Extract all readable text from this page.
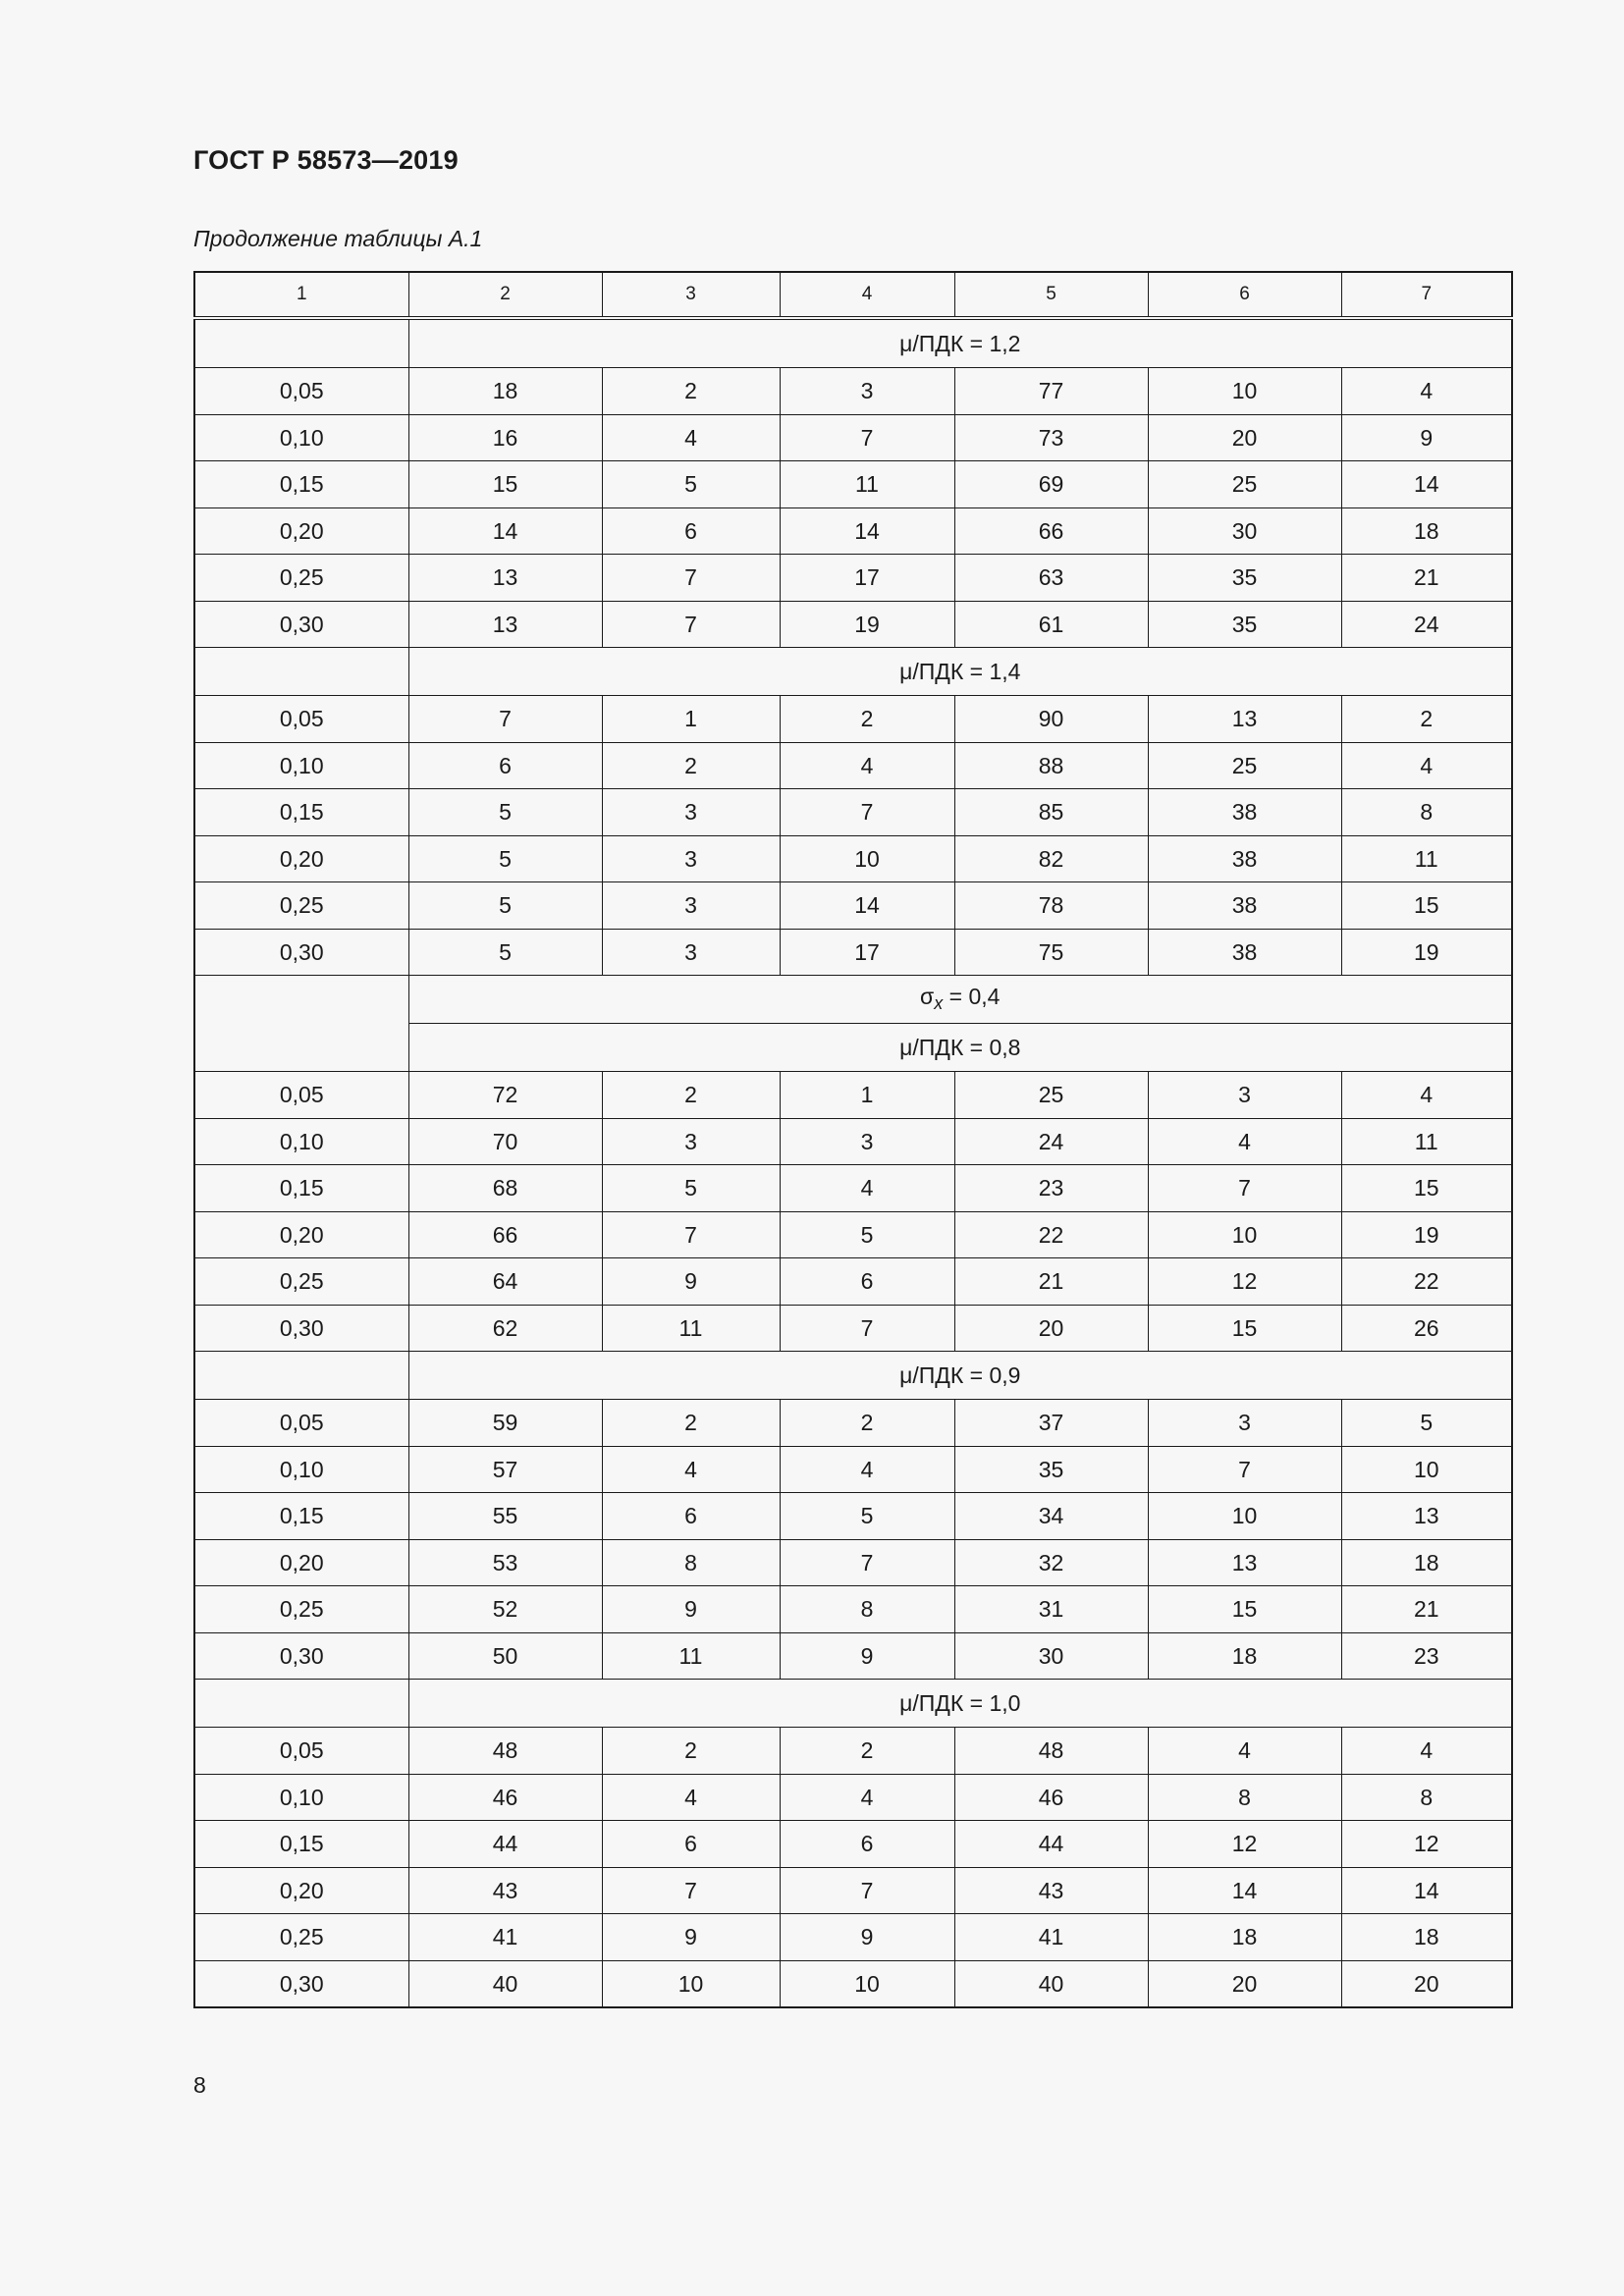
ГОСТ Р 58573—2019
Продолжение таблицы А.1
1	2	3	4	5	6	7
	μ/ПДК = 1,2					
0,05	18	2	3	77	10	4
0,10	16	4	7	73	20	9
0,15	15	5	11	69	25	14
0,20	14	6	14	66	30	18
0,25	13	7	17	63	35	21
0,30	13	7	19	61	35	24
	μ/ПДК = 1,4					
0,05	7	1	2	90	13	2
0,10	6	2	4	88	25	4
0,15	5	3	7	85	38	8
0,20	5	3	10	82	38	11
0,25	5	3	14	78	38	15
0,30	5	3	17	75	38	19
	$\sigma_x = 0,4$					
	μ/ПДК = 0,8					
0,05	72	2	1	25	3	4
0,10	70	3	3	24	4	11
0,15	68	5	4	23	7	15
0,20	66	7	5	22	10	19
0,25	64	9	6	21	12	22
0,30	62	11	7	20	15	26
	μ/ПДК = 0,9					
0,05	59	2	2	37	3	5
0,10	57	4	4	35	7	10
0,15	55	6	5	34	10	13
0,20	53	8	7	32	13	18
0,25	52	9	8	31	15	21
0,30	50	11	9	30	18	23
	μ/ПДК = 1,0					
0,05	48	2	2	48	4	4
0,10	46	4	4	46	8	8
0,15	44	6	6	44	12	12
0,20	43	7	7	43	14	14
0,25	41	9	9	41	18	18
0,30	40	10	10	40	20	20
8
